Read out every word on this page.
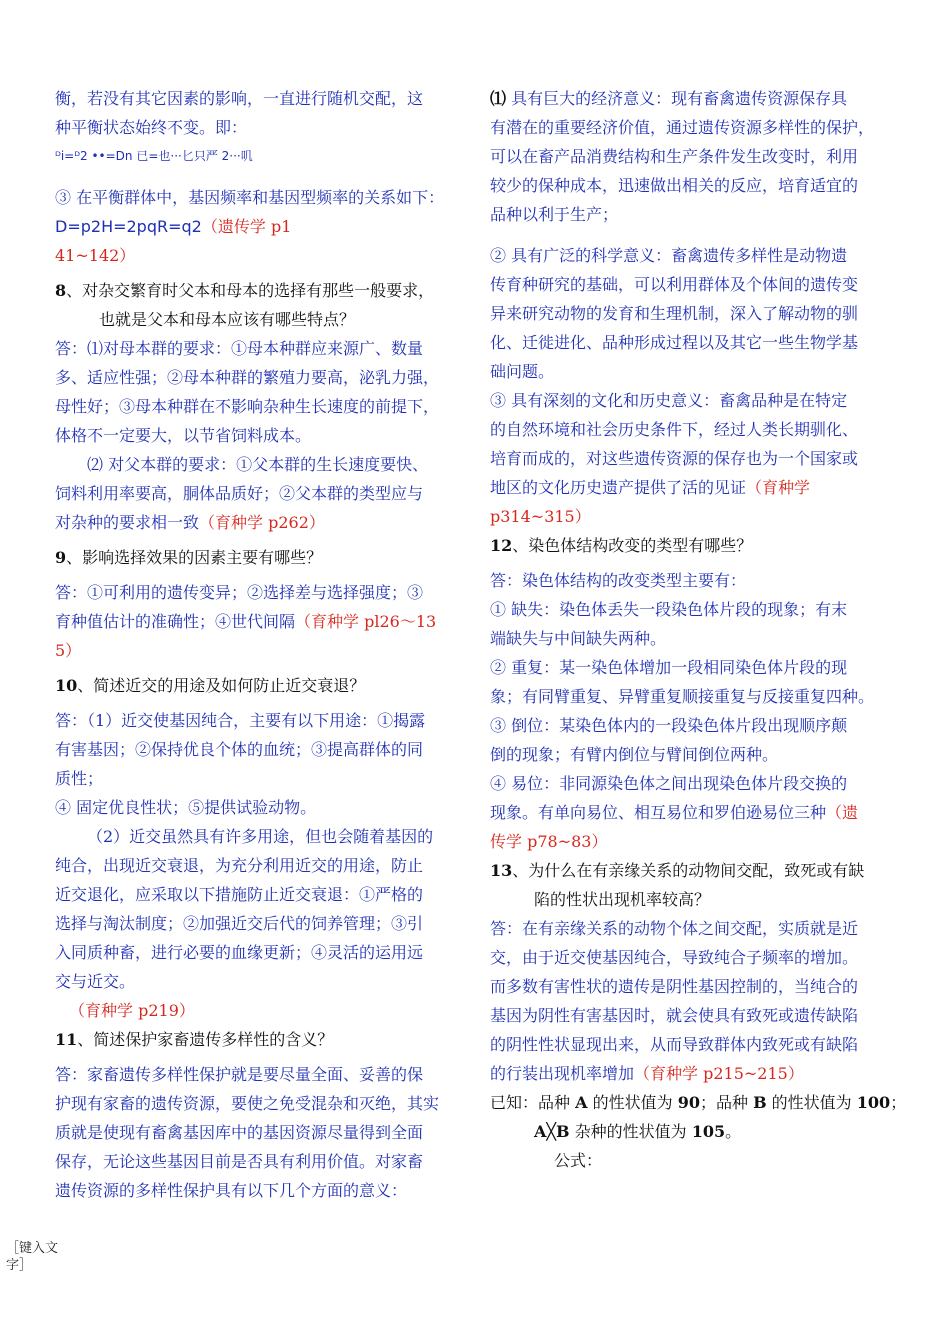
衡，若没有其它因素的影响，一直进行随机交配，这
种平衡状态始终不变。即：
ᴰi=ᴰ2 ••=Dn 已=也···匕只严 2···叽
③ 在平衡群体中，基因频率和基因型频率的关系如下：
D=p2H=2pqR=q2（遗传学 p1
41~142）
8、对杂交繁育时父本和母本的选择有那些一般要求，
也就是父本和母本应该有哪些特点？
答：⑴对母本群的要求：①母本种群应来源广、数量
多、适应性强；②母本种群的繁殖力要高，泌乳力强，
母性好；③母本种群在不影响杂种生长速度的前提下，
体格不一定要大，以节省饲料成本。
⑵ 对父本群的要求：①父本群的生长速度要快、
饲料利用率要高，胴体品质好；②父本群的类型应与
对杂种的要求相一致（育种学 p262）
9、影响选择效果的因素主要有哪些？
答：①可利用的遗传变异；②选择差与选择强度；③
育种值估计的准确性；④世代间隔（育种学 pl26〜13
5）
10、简述近交的用途及如何防止近交衰退？
答：（1）近交使基因纯合，主要有以下用途：①揭露
有害基因；②保持优良个体的血统；③提高群体的同
质性；
④ 固定优良性状；⑤提供试验动物。
（2）近交虽然具有许多用途，但也会随着基因的
纯合，出现近交衰退，为充分利用近交的用途，防止
近交退化，应采取以下措施防止近交衰退：①严格的
选择与淘汰制度；②加强近交后代的饲养管理；③引
入同质种畜，进行必要的血缘更新；④灵活的运用远
交与近交。
（育种学 p219）
11、简述保护家畜遗传多样性的含义？
答：家畜遗传多样性保护就是要尽量全面、妥善的保
护现有家畜的遗传资源，要使之免受混杂和灭绝，其实
质就是使现有畜禽基因库中的基因资源尽量得到全面
保存，无论这些基因目前是否具有利用价值。对家畜
遗传资源的多样性保护具有以下几个方面的意义：
⑴ 具有巨大的经济意义：现有畜禽遗传资源保存具
有潜在的重要经济价值，通过遗传资源多样性的保护，
可以在畜产品消费结构和生产条件发生改变时，利用
较少的保种成本，迅速做出相关的反应，培育适宜的
品种以利于生产；
② 具有广泛的科学意义：畜禽遗传多样性是动物遗
传育种研究的基础，可以利用群体及个体间的遗传变
异来研究动物的发育和生理机制，深入了解动物的驯
化、迁徙进化、品种形成过程以及其它一些生物学基
础问题。
③ 具有深刻的文化和历史意义：畜禽品种是在特定
的自然环境和社会历史条件下，经过人类长期驯化、
培育而成的，对这些遗传资源的保存也为一个国家或
地区的文化历史遗产提供了活的见证（育种学
p314~315）
12、染色体结构改变的类型有哪些？
答：染色体结构的改变类型主要有：
① 缺失：染色体丢失一段染色体片段的现象；有末
端缺失与中间缺失两种。
② 重复：某一染色体增加一段相同染色体片段的现
象；有同臂重复、异臂重复顺接重复与反接重复四种。
③ 倒位：某染色体内的一段染色体片段出现顺序颠
倒的现象；有臂内倒位与臂间倒位两种。
④ 易位：非同源染色体之间出现染色体片段交换的
现象。有单向易位、相互易位和罗伯逊易位三种（遗
传学 p78~83）
13、为什么在有亲缘关系的动物间交配，致死或有缺
陷的性状出现机率较高？
答：在有亲缘关系的动物个体之间交配，实质就是近
交，由于近交使基因纯合，导致纯合子频率的增加。
而多数有害性状的遗传是阴性基因控制的，当纯合的
基因为阴性有害基因时，就会使具有致死或遗传缺陷
的阴性性状显现出来，从而导致群体内致死或有缺陷
的行装出现机率增加（育种学 p215~215）
已知：品种 A 的性状值为 90；品种 B 的性状值为 100；
A╳B 杂种的性状值为 105。
公式：
［键入文字］
